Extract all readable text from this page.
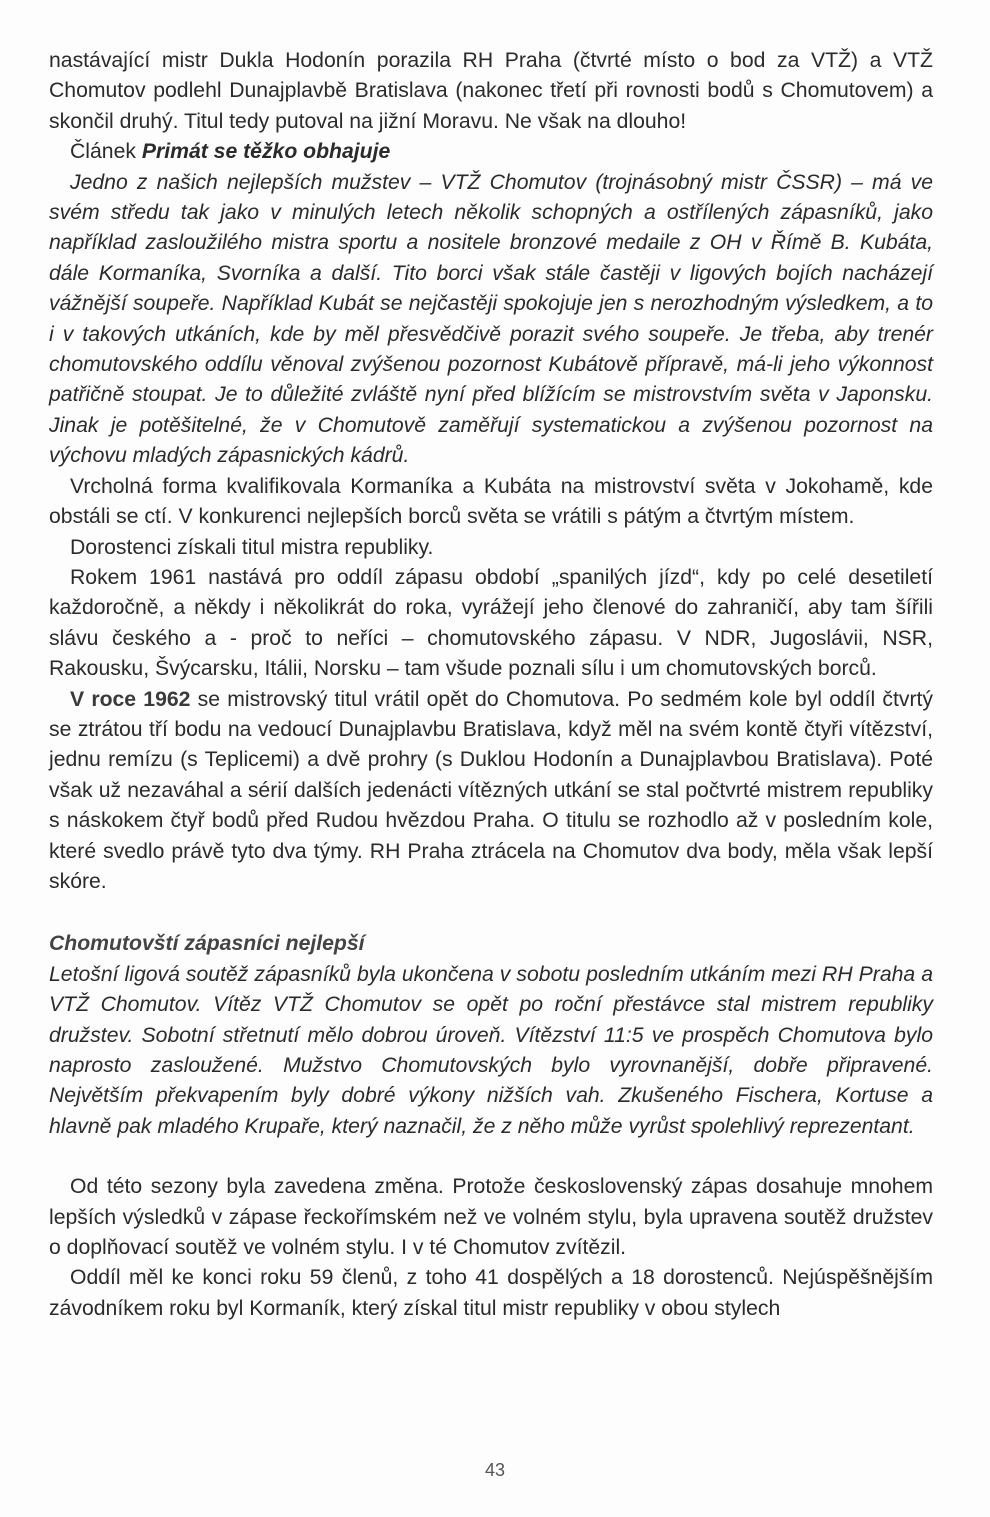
nastávající mistr Dukla Hodonín porazila RH Praha (čtvrté místo o bod za VTŽ) a VTŽ Chomutov podlehl Dunajplavbě Bratislava (nakonec třetí při rovnosti bodů s Chomutovem) a skončil druhý. Titul tedy putoval na jižní Moravu. Ne však na dlouho!

Článek Primát se těžko obhajuje

Jedno z našich nejlepších mužstev – VTŽ Chomutov (trojnásobný mistr ČSSR) – má ve svém středu tak jako v minulých letech několik schopných a ostřílených zápasníků, jako například zasloužilého mistra sportu a nositele bronzové medaile z OH v Římě B. Kubáta, dále Kormaníka, Svorníka a další. Tito borci však stále častěji v ligových bojích nacházejí vážnější soupeře. Například Kubát se nejčastěji spokojuje jen s nerozhodným výsledkem, a to i v takových utkáních, kde by měl přesvědčivě porazit svého soupeře. Je třeba, aby trenér chomutovského oddílu věnoval zvýšenou pozornost Kubátově přípravě, má-li jeho výkonnost patřičně stoupat. Je to důležité zvláště nyní před blížícím se mistrovstvím světa v Japonsku. Jinak je potěšitelné, že v Chomutově zaměřují systematickou a zvýšenou pozornost na výchovu mladých zápasnických kádrů.

Vrcholná forma kvalifikovala Kormaníka a Kubáta na mistrovství světa v Jokohamě, kde obstáli se ctí. V konkurenci nejlepších borců světa se vrátili s pátým a čtvrtým místem.

Dorostenci získali titul mistra republiky.

Rokem 1961 nastává pro oddíl zápasu období „spanilých jízd“, kdy po celé desetiletí každoročně, a někdy i několikrát do roka, vyrážejí jeho členové do zahraničí, aby tam šířili slávu českého a - proč to neříci – chomutovského zápasu. V NDR, Jugoslávii, NSR, Rakousku, Švýcarsku, Itálii, Norsku – tam všude poznali sílu i um chomutovských borců.

V roce 1962 se mistrovský titul vrátil opět do Chomutova. Po sedmém kole byl oddíl čtvrtý se ztrátou tří bodu na vedoucí Dunajplavbu Bratislava, když měl na svém kontě čtyři vítězství, jednu remízu (s Teplicemi) a dvě prohry (s Duklou Hodonín a Dunajplavbou Bratislava). Poté však už nezaváhal a sérií dalších jedenácti vítězných utkání se stal počtvrté mistrem republiky s náskokem čtyř bodů před Rudou hvězdou Praha. O titulu se rozhodlo až v posledním kole, které svedlo právě tyto dva týmy. RH Praha ztrácela na Chomutov dva body, měla však lepší skóre.

Chomutovští zápasníci nejlepší

Letošní ligová soutěž zápasníků byla ukončena v sobotu posledním utkáním mezi RH Praha a VTŽ Chomutov. Vítěz VTŽ Chomutov se opět po roční přestávce stal mistrem republiky družstev. Sobotní střetnutí mělo dobrou úroveň. Vítězství 11:5 ve prospěch Chomutova bylo naprosto zasloužené. Mužstvo Chomutovských bylo vyrovnanější, dobře připravené. Největším překvapením byly dobré výkony nižších vah. Zkušeného Fischera, Kortuse a hlavně pak mladého Krupaře, který naznačil, že z něho může vyrůst spolehlivý reprezentant.

Od této sezony byla zavedena změna. Protože československý zápas dosahuje mnohem lepších výsledků v zápase řeckořímském než ve volném stylu, byla upravena soutěž družstev o doplňovací soutěž ve volném stylu. I v té Chomutov zvítězil.

Oddíl měl ke konci roku 59 členů, z toho 41 dospělých a 18 dorostenců. Nejúspěšnějším závodníkem roku byl Kormaník, který získal titul mistr republiky v obou stylech

43
